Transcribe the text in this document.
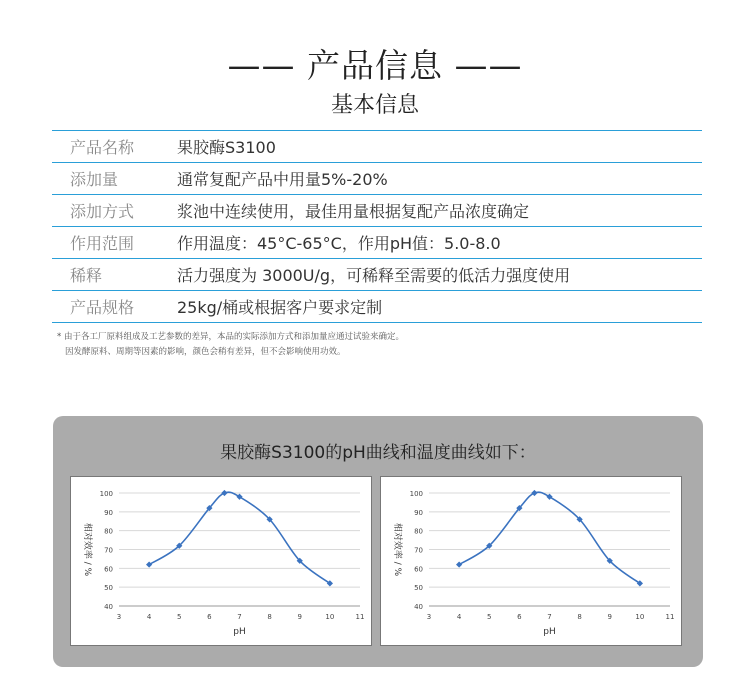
—— 产品信息 ——
基本信息
产品名称	果胶酶S3100
添加量	通常复配产品中用量5%-20%
添加方式	浆池中连续使用，最佳用量根据复配产品浓度确定
作用范围	作用温度：45°C-65°C，作用pH值：5.0-8.0
稀释	活力强度为 3000U/g，可稀释至需要的低活力强度使用
产品规格	25kg/桶或根据客户要求定制
* 由于各工厂原料组成及工艺参数的差异，本品的实际添加方式和添加量应通过试验来确定。
因发酵原料、周期等因素的影响，颜色会稍有差异，但不会影响使用功效。
果胶酶S3100的pH曲线和温度曲线如下：
40
50
60
70
80
90
100
3	4	5	6	7	8	9	10	11
pH
相对效率 / %
40
50
60
70
80
90
100
3	4	5	6	7	8	9	10	11
pH
相对效率 / %
